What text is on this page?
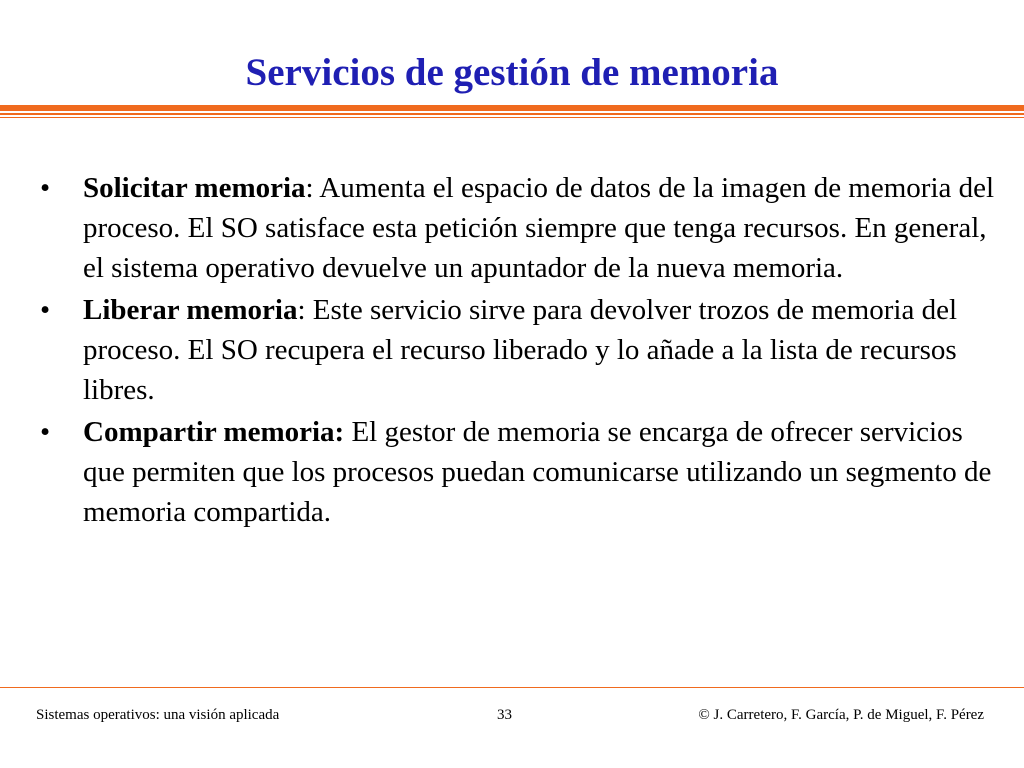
Servicios de gestión de memoria
• Solicitar memoria: Aumenta el espacio de datos de la imagen de memoria del proceso. El SO satisface esta petición siempre que tenga recursos. En general, el sistema operativo devuelve un apuntador de la nueva memoria.
• Liberar memoria: Este servicio sirve para devolver trozos de memoria del proceso. El SO recupera el recurso liberado y lo añade a la lista de recursos libres.
• Compartir memoria: El gestor de memoria se encarga de ofrecer servicios que permiten que los procesos puedan comunicarse utilizando un segmento de memoria compartida.
Sistemas operativos: una visión aplicada	33	© J. Carretero, F. García, P. de Miguel, F. Pérez
